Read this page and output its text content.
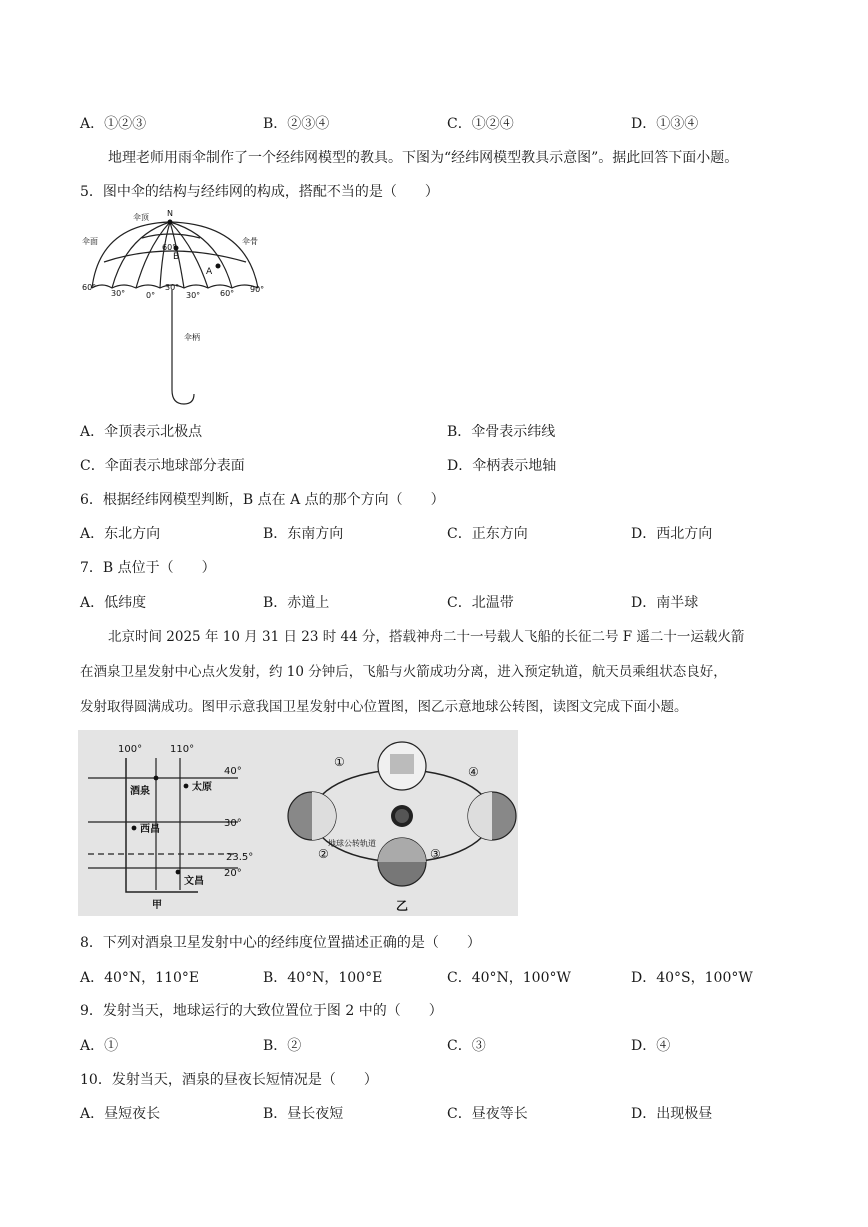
A．①②③	B．②③④	C．①②④	D．①③④
地理老师用雨伞制作了一个经纬网模型的教具。下图为“经纬网模型教具示意图”。据此回答下面小题。
5．图中伞的结构与经纬网的构成，搭配不当的是（　　）
伞顶 N
伞面	伞骨
60°
B
A
60°
30°	0°
30°
30° 60° 90°
伞柄
A．伞顶表示北极点	B．伞骨表示纬线
C．伞面表示地球部分表面	D．伞柄表示地轴
6．根据经纬网模型判断，B 点在 A 点的那个方向（　　）
A．东北方向	B．东南方向	C．正东方向	D．西北方向
7．B 点位于（　　）
A．低纬度	B．赤道上	C．北温带	D．南半球
北京时间 2025 年 10 月 31 日 23 时 44 分，搭载神舟二十一号载人飞船的长征二号 F 遥二十一运载火箭
在酒泉卫星发射中心点火发射，约 10 分钟后，飞船与火箭成功分离，进入预定轨道，航天员乘组状态良好，
发射取得圆满成功。图甲示意我国卫星发射中心位置图，图乙示意地球公转图，读图文完成下面小题。
100°	110°
40°
30°
23.5°
20°
酒泉	太原
西昌
文昌
甲
①
②	③
④
地球公转轨道
乙
8．下列对酒泉卫星发射中心的经纬度位置描述正确的是（　　）
A．40°N，110°E	B．40°N，100°E	C．40°N，100°W	D．40°S，100°W
9．发射当天，地球运行的大致位置位于图 2 中的（　　）
A．①	B．②	C．③	D．④
10．发射当天，酒泉的昼夜长短情况是（　　）
A．昼短夜长	B．昼长夜短	C．昼夜等长	D．出现极昼
